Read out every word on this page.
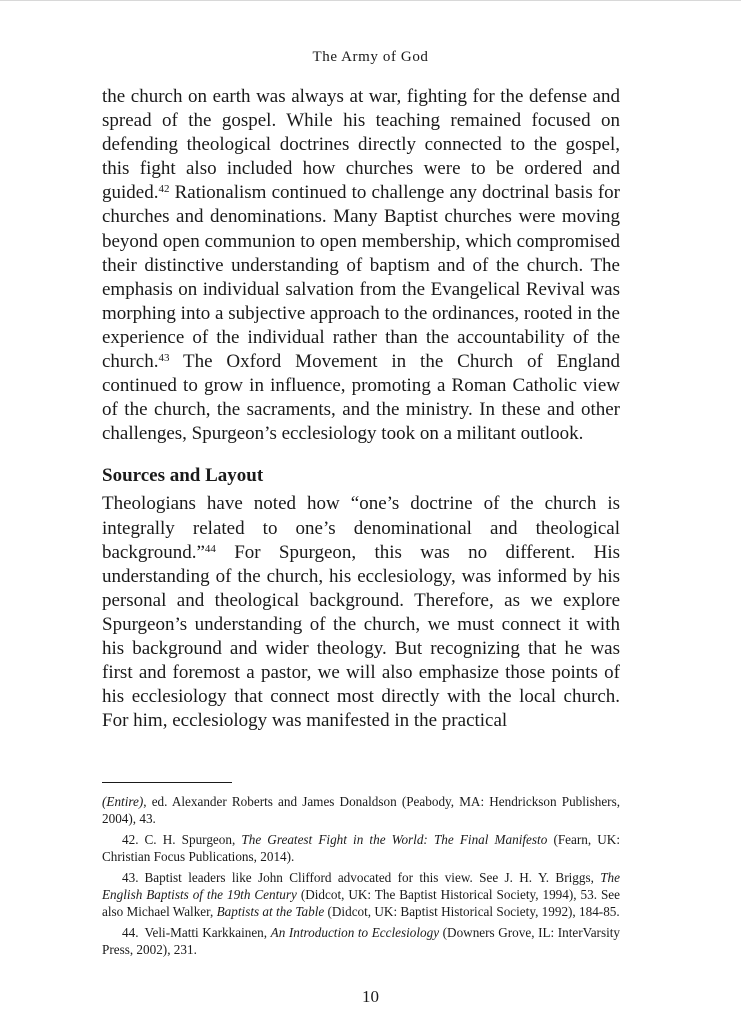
The Army of God

the church on earth was always at war, fighting for the defense and spread of the gospel. While his teaching remained focused on defending theological doctrines directly connected to the gospel, this fight also included how churches were to be ordered and guided.$^{42}$ Rationalism continued to challenge any doctrinal basis for churches and denominations. Many Baptist churches were moving beyond open communion to open membership, which compromised their distinctive understanding of baptism and of the church. The emphasis on individual salvation from the Evangelical Revival was morphing into a subjective approach to the ordinances, rooted in the experience of the individual rather than the accountability of the church.$^{43}$ The Oxford Movement in the Church of England continued to grow in influence, promoting a Roman Catholic view of the church, the sacraments, and the ministry. In these and other challenges, Spurgeon’s ecclesiology took on a militant outlook.

Sources and Layout

Theologians have noted how “one’s doctrine of the church is integrally related to one’s denominational and theological background.”$^{44}$ For Spurgeon, this was no different. His understanding of the church, his ecclesiology, was informed by his personal and theological background. Therefore, as we explore Spurgeon’s understanding of the church, we must connect it with his background and wider theology. But recognizing that he was first and foremost a pastor, we will also emphasize those points of his ecclesiology that connect most directly with the local church. For him, ecclesiology was manifested in the practical

(Entire), ed. Alexander Roberts and James Donaldson (Peabody, MA: Hendrickson Publishers, 2004), 43.

42. C. H. Spurgeon, The Greatest Fight in the World: The Final Manifesto (Fearn, UK: Christian Focus Publications, 2014).

43. Baptist leaders like John Clifford advocated for this view. See J. H. Y. Briggs, The English Baptists of the 19th Century (Didcot, UK: The Baptist Historical Society, 1994), 53. See also Michael Walker, Baptists at the Table (Didcot, UK: Baptist Historical Society, 1992), 184-85.

44. Veli-Matti Karkkainen, An Introduction to Ecclesiology (Downers Grove, IL: InterVarsity Press, 2002), 231.

10
